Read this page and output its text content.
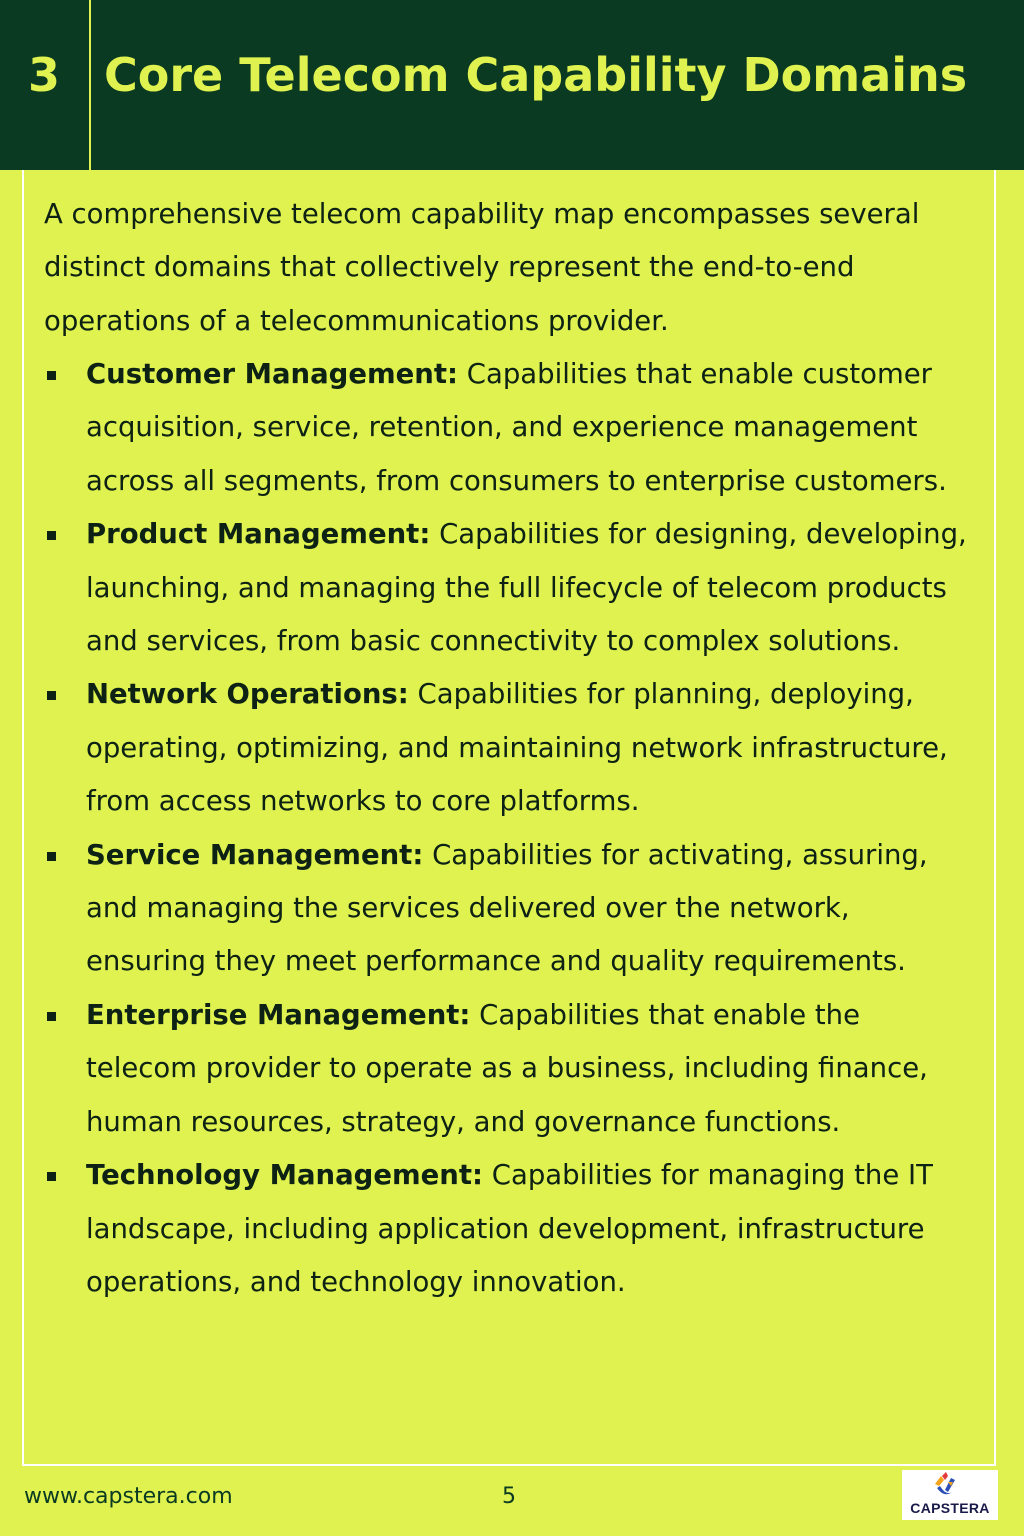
3 Core Telecom Capability Domains

A comprehensive telecom capability map encompasses several distinct domains that collectively represent the end-to-end operations of a telecommunications provider.

Customer Management: Capabilities that enable customer acquisition, service, retention, and experience management across all segments, from consumers to enterprise customers.
Product Management: Capabilities for designing, developing, launching, and managing the full lifecycle of telecom products and services, from basic connectivity to complex solutions.
Network Operations: Capabilities for planning, deploying, operating, optimizing, and maintaining network infrastructure, from access networks to core platforms.
Service Management: Capabilities for activating, assuring, and managing the services delivered over the network, ensuring they meet performance and quality requirements.
Enterprise Management: Capabilities that enable the telecom provider to operate as a business, including finance, human resources, strategy, and governance functions.
Technology Management: Capabilities for managing the IT landscape, including application development, infrastructure operations, and technology innovation.
www.capstera.com	5	CAPSTERA
